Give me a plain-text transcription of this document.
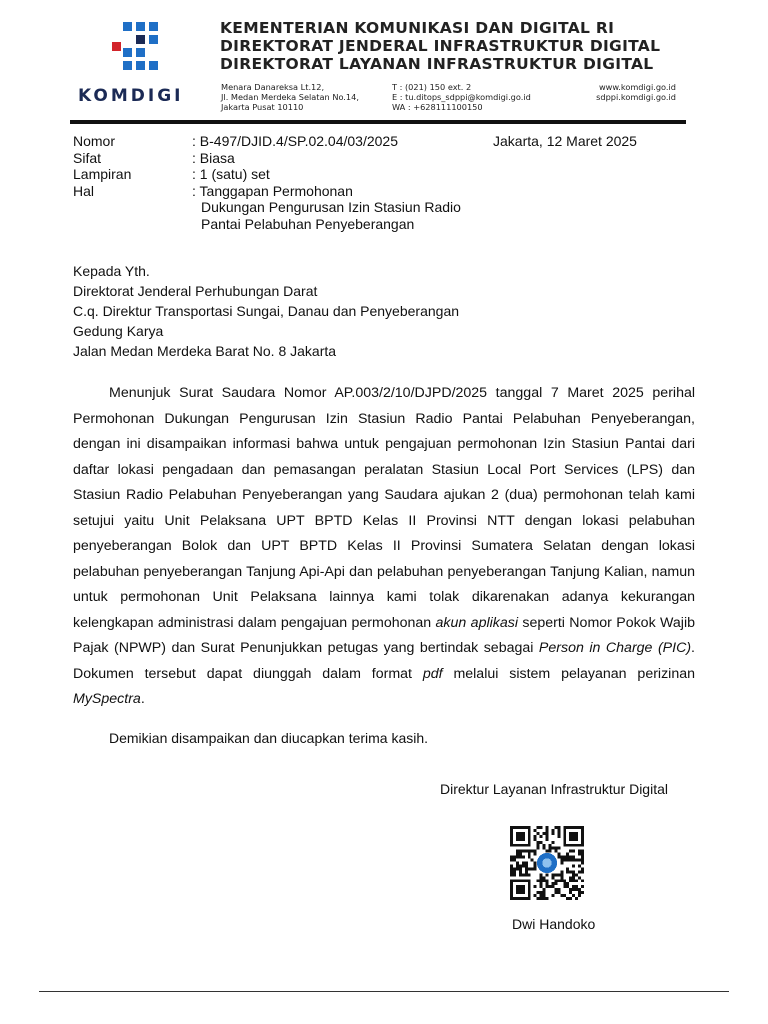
KOMDIGI
KEMENTERIAN KOMUNIKASI DAN DIGITAL RI
DIREKTORAT JENDERAL INFRASTRUKTUR DIGITAL
DIREKTORAT LAYANAN INFRASTRUKTUR DIGITAL
Menara Danareksa Lt.12,
Jl. Medan Merdeka Selatan No.14,
Jakarta Pusat 10110
T : (021) 150 ext. 2
E : tu.ditops_sdppi@komdigi.go.id
WA : +628111100150
www.komdigi.go.id
sdppi.komdigi.go.id
Nomor
Sifat
Lampiran
Hal
: B-497/DJID.4/SP.02.04/03/2025
: Biasa
: 1 (satu) set
: Tanggapan Permohonan
Dukungan Pengurusan Izin Stasiun Radio
Pantai Pelabuhan Penyeberangan
Jakarta, 12 Maret 2025
Kepada Yth.
Direktorat Jenderal Perhubungan Darat
C.q. Direktur Transportasi Sungai, Danau dan Penyeberangan
Gedung Karya
Jalan Medan Merdeka Barat No. 8 Jakarta
Menunjuk Surat Saudara Nomor AP.003/2/10/DJPD/2025 tanggal 7 Maret 2025 perihal Permohonan Dukungan Pengurusan Izin Stasiun Radio Pantai Pelabuhan Penyeberangan, dengan ini disampaikan informasi bahwa untuk pengajuan permohonan Izin Stasiun Pantai dari daftar lokasi pengadaan dan pemasangan peralatan Stasiun Local Port Services (LPS) dan Stasiun Radio Pelabuhan Penyeberangan yang Saudara ajukan 2 (dua) permohonan telah kami setujui yaitu Unit Pelaksana UPT BPTD Kelas II Provinsi NTT dengan lokasi pelabuhan penyeberangan Bolok dan UPT BPTD Kelas II Provinsi Sumatera Selatan dengan lokasi pelabuhan penyeberangan Tanjung Api-Api dan pelabuhan penyeberangan Tanjung Kalian, namun untuk permohonan Unit Pelaksana lainnya kami tolak dikarenakan adanya kekurangan kelengkapan administrasi dalam pengajuan permohonan akun aplikasi seperti Nomor Pokok Wajib Pajak (NPWP) dan Surat Penunjukkan petugas yang bertindak sebagai Person in Charge (PIC). Dokumen tersebut dapat diunggah dalam format pdf melalui sistem pelayanan perizinan MySpectra.
Demikian disampaikan dan diucapkan terima kasih.
Direktur Layanan Infrastruktur Digital
Dwi Handoko
